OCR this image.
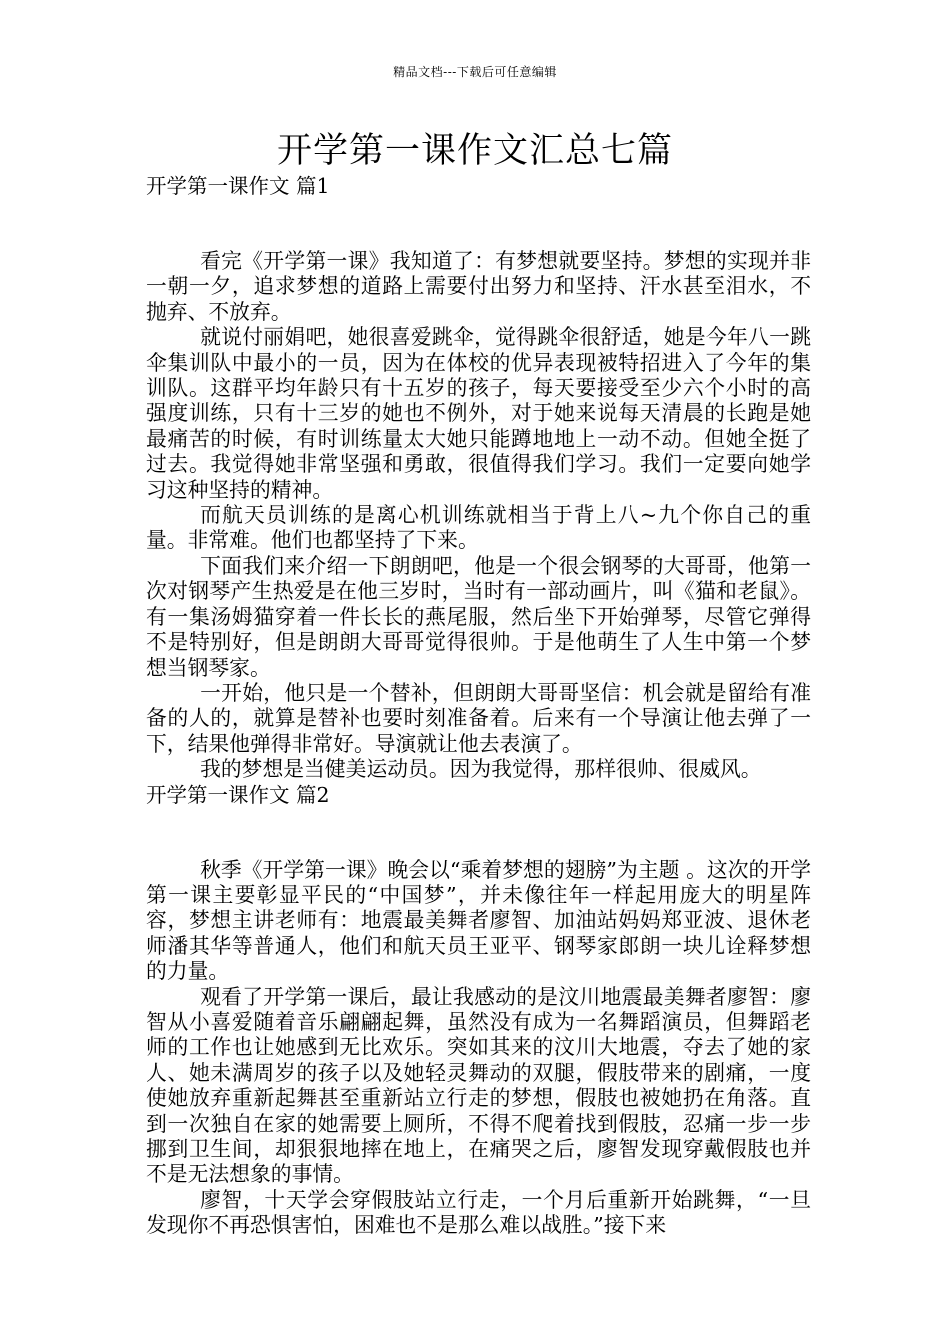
精品文档---下载后可任意编辑
开学第一课作文汇总七篇

开学第一课作文 篇1

看完《开学第一课》我知道了：有梦想就要坚持。梦想的实现并非一朝一夕，追求梦想的道路上需要付出努力和坚持、汗水甚至泪水，不抛弃、不放弃。

就说付丽娟吧，她很喜爱跳伞，觉得跳伞很舒适，她是今年八一跳伞集训队中最小的一员，因为在体校的优异表现被特招进入了今年的集训队。这群平均年龄只有十五岁的孩子，每天要接受至少六个小时的高强度训练，只有十三岁的她也不例外，对于她来说每天清晨的长跑是她最痛苦的时候，有时训练量太大她只能蹲地地上一动不动。但她全挺了过去。我觉得她非常坚强和勇敢，很值得我们学习。我们一定要向她学习这种坚持的精神。

而航天员训练的是离心机训练就相当于背上八~九个你自己的重量。非常难。他们也都坚持了下来。

下面我们来介绍一下朗朗吧，他是一个很会钢琴的大哥哥，他第一次对钢琴产生热爱是在他三岁时，当时有一部动画片，叫《猫和老鼠》。有一集汤姆猫穿着一件长长的燕尾服，然后坐下开始弹琴，尽管它弹得不是特别好，但是朗朗大哥哥觉得很帅。于是他萌生了人生中第一个梦想当钢琴家。

一开始，他只是一个替补，但朗朗大哥哥坚信：机会就是留给有准备的人的，就算是替补也要时刻准备着。后来有一个导演让他去弹了一下，结果他弹得非常好。导演就让他去表演了。

我的梦想是当健美运动员。因为我觉得，那样很帅、很威风。

开学第一课作文 篇2

秋季《开学第一课》晚会以“乘着梦想的翅膀”为主题 。这次的开学第一课主要彰显平民的“中国梦”，并未像往年一样起用庞大的明星阵容，梦想主讲老师有：地震最美舞者廖智、加油站妈妈郑亚波、退休老师潘其华等普通人，他们和航天员王亚平、钢琴家郎朗一块儿诠释梦想的力量。

观看了开学第一课后，最让我感动的是汶川地震最美舞者廖智：廖智从小喜爱随着音乐翩翩起舞，虽然没有成为一名舞蹈演员，但舞蹈老师的工作也让她感到无比欢乐。突如其来的汶川大地震，夺去了她的家人、她未满周岁的孩子以及她轻灵舞动的双腿，假肢带来的剧痛，一度使她放弃重新起舞甚至重新站立行走的梦想，假肢也被她扔在角落。直到一次独自在家的她需要上厕所，不得不爬着找到假肢，忍痛一步一步挪到卫生间，却狠狠地摔在地上，在痛哭之后，廖智发现穿戴假肢也并不是无法想象的事情。

廖智，十天学会穿假肢站立行走，一个月后重新开始跳舞，“一旦发现你不再恐惧害怕，困难也不是那么难以战胜。”接下来
